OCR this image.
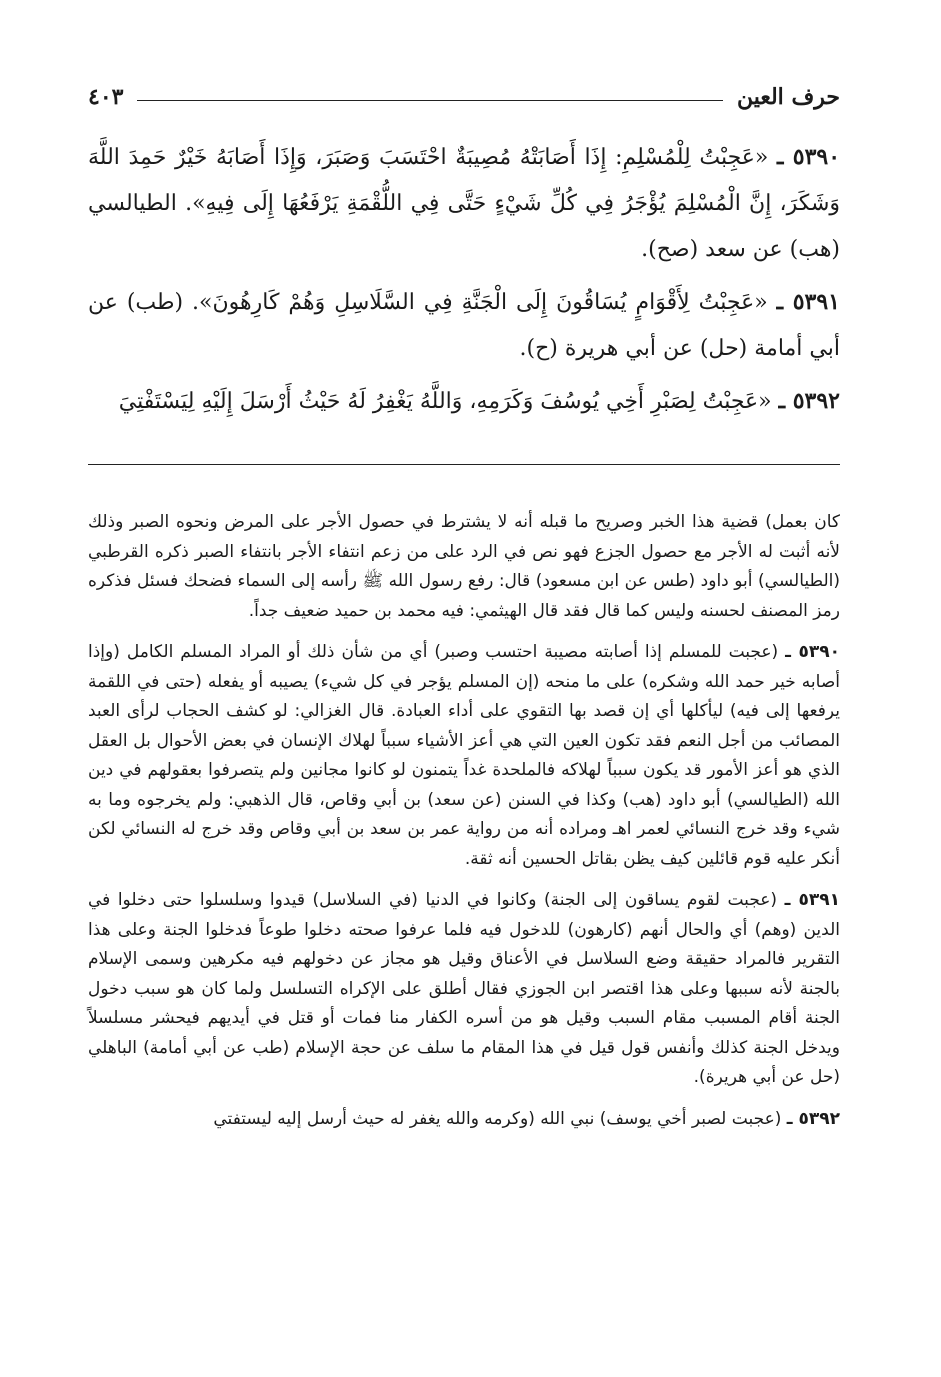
حرف العين
٤٠٣

٥٣٩٠ ـ «عَجِبْتُ لِلْمُسْلِمِ: إِذَا أَصَابَتْهُ مُصِيبَةٌ احْتَسَبَ وَصَبَرَ، وَإِذَا أَصَابَهُ خَيْرٌ حَمِدَ اللَّهَ وَشَكَرَ، إِنَّ الْمُسْلِمَ يُؤْجَرُ فِي كُلِّ شَيْءٍ حَتَّى فِي اللُّقْمَةِ يَرْفَعُهَا إِلَى فِيهِ». الطيالسي (هب) عن سعد (صح).

٥٣٩١ ـ «عَجِبْتُ لِأَقْوَامٍ يُسَاقُونَ إِلَى الْجَنَّةِ فِي السَّلَاسِلِ وَهُمْ كَارِهُونَ». (طب) عن أبي أمامة (حل) عن أبي هريرة (ح).

٥٣٩٢ ـ «عَجِبْتُ لِصَبْرِ أَخِي يُوسُفَ وَكَرَمِهِ، وَاللَّهُ يَغْفِرُ لَهُ حَيْثُ أَرْسَلَ إِلَيْهِ لِيَسْتَفْتِيَ

كان بعمل) قضية هذا الخبر وصريح ما قبله أنه لا يشترط في حصول الأجر على المرض ونحوه الصبر وذلك لأنه أثبت له الأجر مع حصول الجزع فهو نص في الرد على من زعم انتفاء الأجر بانتفاء الصبر ذكره القرطبي (الطيالسي) أبو داود (طس عن ابن مسعود) قال: رفع رسول الله ﷺ رأسه إلى السماء فضحك فسئل فذكره رمز المصنف لحسنه وليس كما قال فقد قال الهيثمي: فيه محمد بن حميد ضعيف جداً.

٥٣٩٠ ـ (عجبت للمسلم إذا أصابته مصيبة احتسب وصبر) أي من شأن ذلك أو المراد المسلم الكامل (وإذا أصابه خير حمد الله وشكره) على ما منحه (إن المسلم يؤجر في كل شيء) يصيبه أو يفعله (حتى في اللقمة يرفعها إلى فيه) ليأكلها أي إن قصد بها التقوي على أداء العبادة. قال الغزالي: لو كشف الحجاب لرأى العبد المصائب من أجل النعم فقد تكون العين التي هي أعز الأشياء سبباً لهلاك الإنسان في بعض الأحوال بل العقل الذي هو أعز الأمور قد يكون سبباً لهلاكه فالملحدة غداً يتمنون لو كانوا مجانين ولم يتصرفوا بعقولهم في دين الله (الطيالسي) أبو داود (هب) وكذا في السنن (عن سعد) بن أبي وقاص، قال الذهبي: ولم يخرجوه وما به شيء وقد خرج النسائي لعمر اهـ ومراده أنه من رواية عمر بن سعد بن أبي وقاص وقد خرج له النسائي لكن أنكر عليه قوم قائلين كيف يظن بقاتل الحسين أنه ثقة.

٥٣٩١ ـ (عجبت لقوم يساقون إلى الجنة) وكانوا في الدنيا (في السلاسل) قيدوا وسلسلوا حتى دخلوا في الدين (وهم) أي والحال أنهم (كارهون) للدخول فيه فلما عرفوا صحته دخلوا طوعاً فدخلوا الجنة وعلى هذا التقرير فالمراد حقيقة وضع السلاسل في الأعناق وقيل هو مجاز عن دخولهم فيه مكرهين وسمى الإسلام بالجنة لأنه سببها وعلى هذا اقتصر ابن الجوزي فقال أطلق على الإكراه التسلسل ولما كان هو سبب دخول الجنة أقام المسبب مقام السبب وقيل هو من أسره الكفار منا فمات أو قتل في أيديهم فيحشر مسلسلاً ويدخل الجنة كذلك وأنفس قول قيل في هذا المقام ما سلف عن حجة الإسلام (طب عن أبي أمامة) الباهلي (حل عن أبي هريرة).

٥٣٩٢ ـ (عجبت لصبر أخي يوسف) نبي الله (وكرمه والله يغفر له حيث أرسل إليه ليستفتي
